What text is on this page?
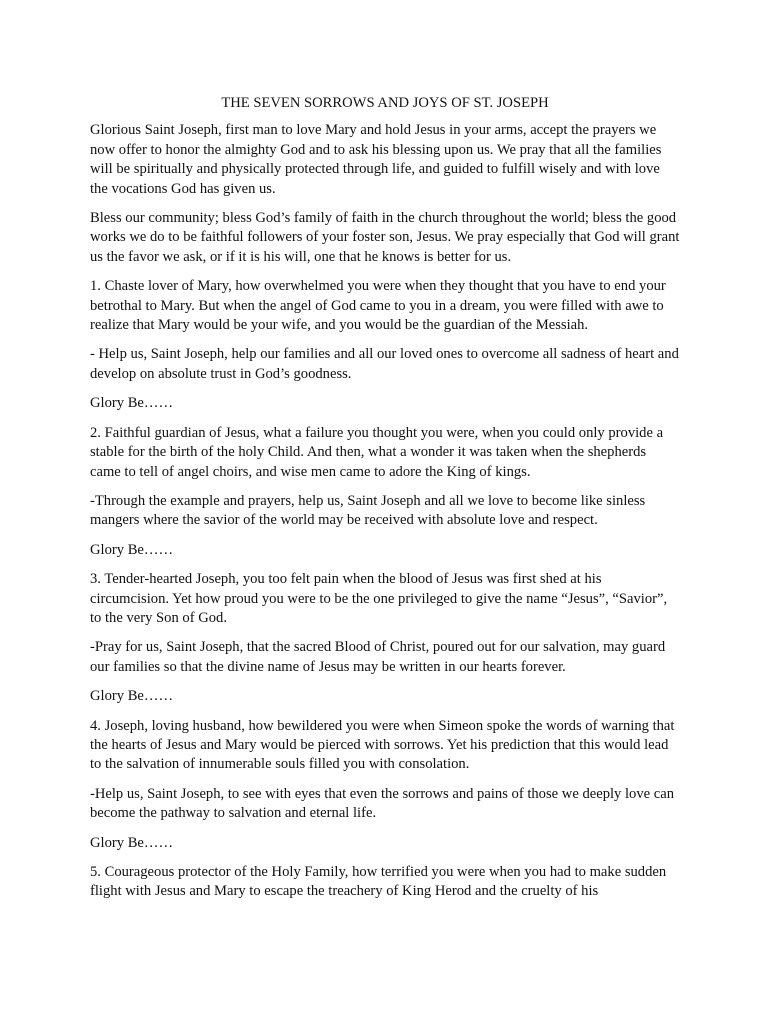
THE SEVEN SORROWS AND JOYS OF ST. JOSEPH

Glorious Saint Joseph, first man to love Mary and hold Jesus in your arms, accept the prayers we now offer to honor the almighty God and to ask his blessing upon us. We pray that all the families will be spiritually and physically protected through life, and guided to fulfill wisely and with love the vocations God has given us.

Bless our community; bless God’s family of faith in the church throughout the world; bless the good works we do to be faithful followers of your foster son, Jesus. We pray especially that God will grant us the favor we ask, or if it is his will, one that he knows is better for us.

1. Chaste lover of Mary, how overwhelmed you were when they thought that you have to end your betrothal to Mary. But when the angel of God came to you in a dream, you were filled with awe to realize that Mary would be your wife, and you would be the guardian of the Messiah.

- Help us, Saint Joseph, help our families and all our loved ones to overcome all sadness of heart and develop on absolute trust in God’s goodness.

Glory Be……

2. Faithful guardian of Jesus, what a failure you thought you were, when you could only provide a stable for the birth of the holy Child. And then, what a wonder it was taken when the shepherds came to tell of angel choirs, and wise men came to adore the King of kings.

-Through the example and prayers, help us, Saint Joseph and all we love to become like sinless mangers where the savior of the world may be received with absolute love and respect.

Glory Be……

3. Tender-hearted Joseph, you too felt pain when the blood of Jesus was first shed at his circumcision. Yet how proud you were to be the one privileged to give the name “Jesus”, “Savior”, to the very Son of God.

-Pray for us, Saint Joseph, that the sacred Blood of Christ, poured out for our salvation, may guard our families so that the divine name of Jesus may be written in our hearts forever.

Glory Be……

4. Joseph, loving husband, how bewildered you were when Simeon spoke the words of warning that the hearts of Jesus and Mary would be pierced with sorrows. Yet his prediction that this would lead to the salvation of innumerable souls filled you with consolation.

-Help us, Saint Joseph, to see with eyes that even the sorrows and pains of those we deeply love can become the pathway to salvation and eternal life.

Glory Be……

5. Courageous protector of the Holy Family, how terrified you were when you had to make sudden flight with Jesus and Mary to escape the treachery of King Herod and the cruelty of his
